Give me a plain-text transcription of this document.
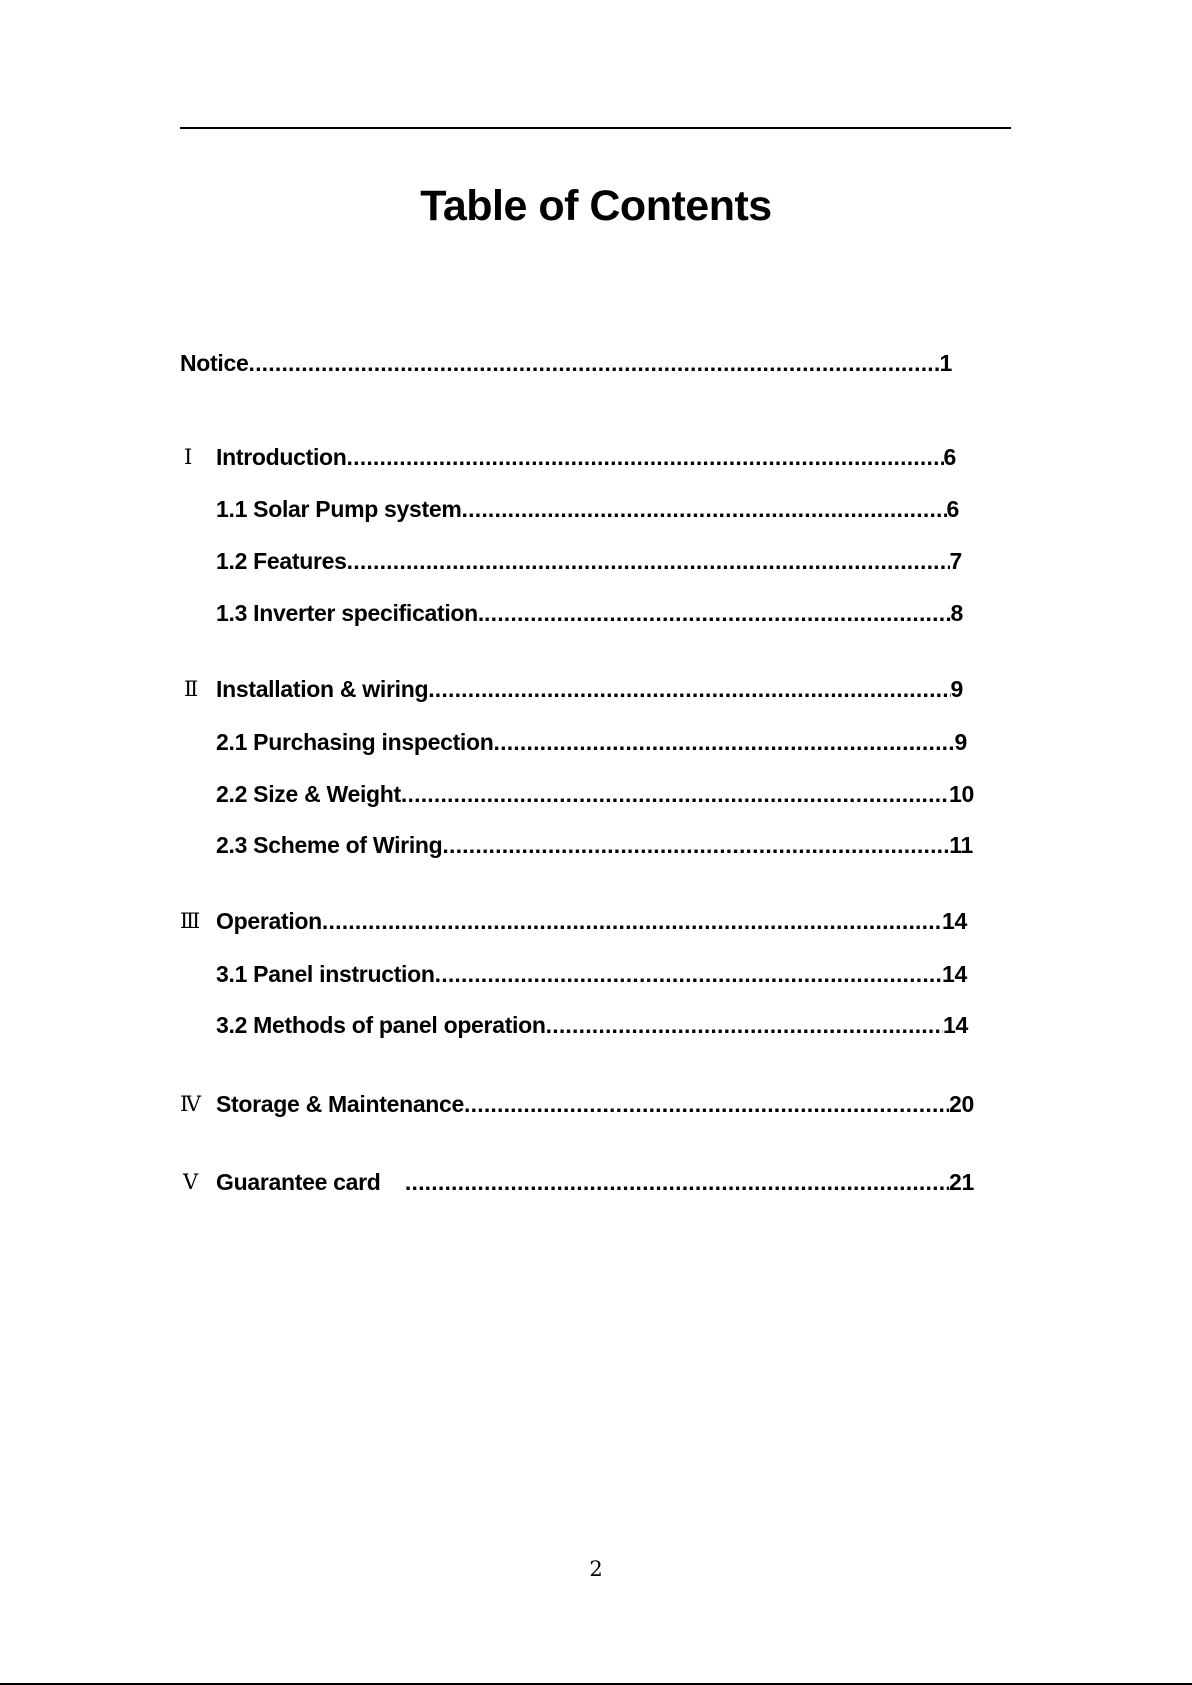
Table of Contents
Notice .....	1
Ⅰ Introduction .....	6
1.1 Solar Pump system .....	6
1.2 Features .....	7
1.3 Inverter specification. .....	8
Ⅱ Installation & wiring .....	9
2.1 Purchasing inspection .....	9
2.2 Size & Weight .....	10
2.3 Scheme of Wiring .....	11
Ⅲ Operation .....	14
3.1 Panel instruction .....	14
3.2 Methods of panel operation .....	14
Ⅳ Storage & Maintenance .....	20
Ⅴ Guarantee card .....	21
2
